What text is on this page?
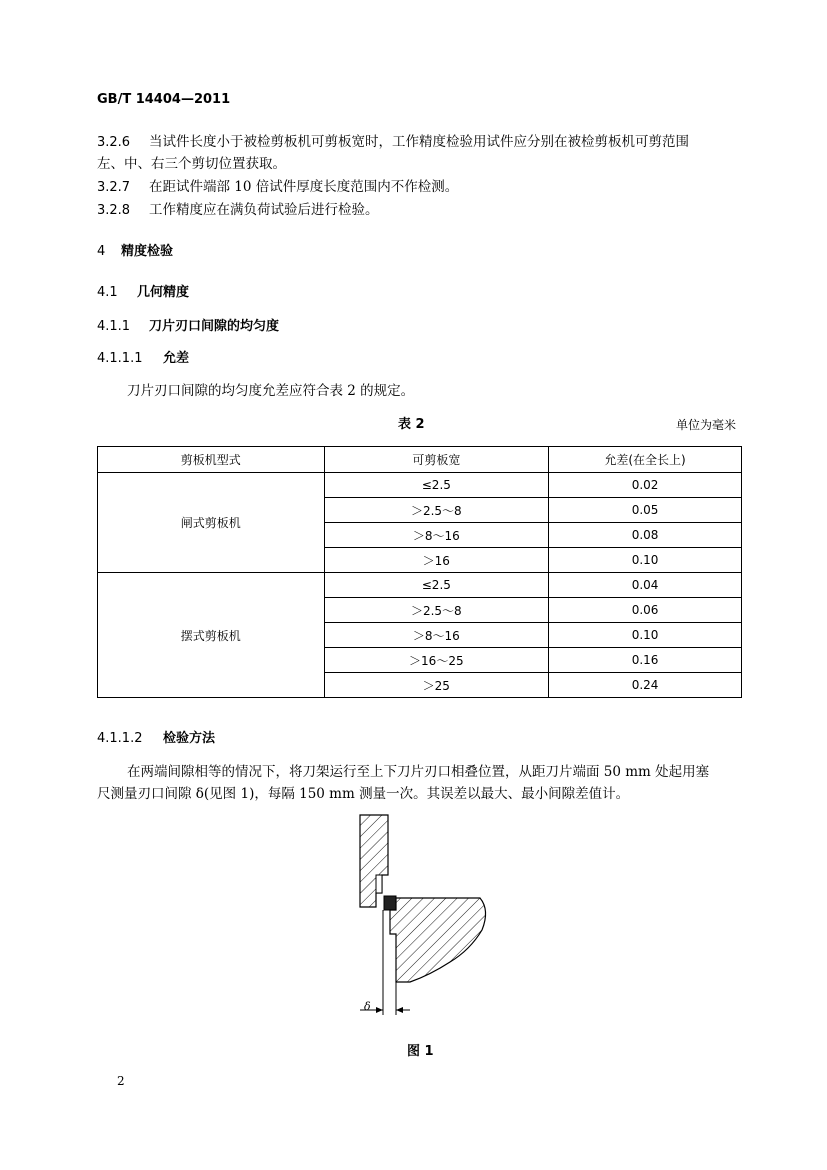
GB/T 14404—2011
3.2.6 当试件长度小于被检剪板机可剪板宽时，工作精度检验用试件应分别在被检剪板机可剪范围
左、中、右三个剪切位置获取。
3.2.7 在距试件端部 10 倍试件厚度长度范围内不作检测。
3.2.8 工作精度应在满负荷试验后进行检验。
4 精度检验
4.1 几何精度
4.1.1 刀片刃口间隙的均匀度
4.1.1.1 允差
刀片刃口间隙的均匀度允差应符合表 2 的规定。
表 2	单位为毫米
剪板机型式	可剪板宽	允差(在全长上)
闸式剪板机	≤2.5	0.02
	＞2.5～8	0.05
	＞8～16	0.08
	＞16	0.10
摆式剪板机	≤2.5	0.04
	＞2.5～8	0.06
	＞8～16	0.10
	＞16～25	0.16
	＞25	0.24
4.1.1.2 检验方法
在两端间隙相等的情况下，将刀架运行至上下刀片刃口相叠位置，从距刀片端面 50 mm 处起用塞
尺测量刃口间隙 δ(见图 1)，每隔 150 mm 测量一次。其误差以最大、最小间隙差值计。
δ
图 1
2
